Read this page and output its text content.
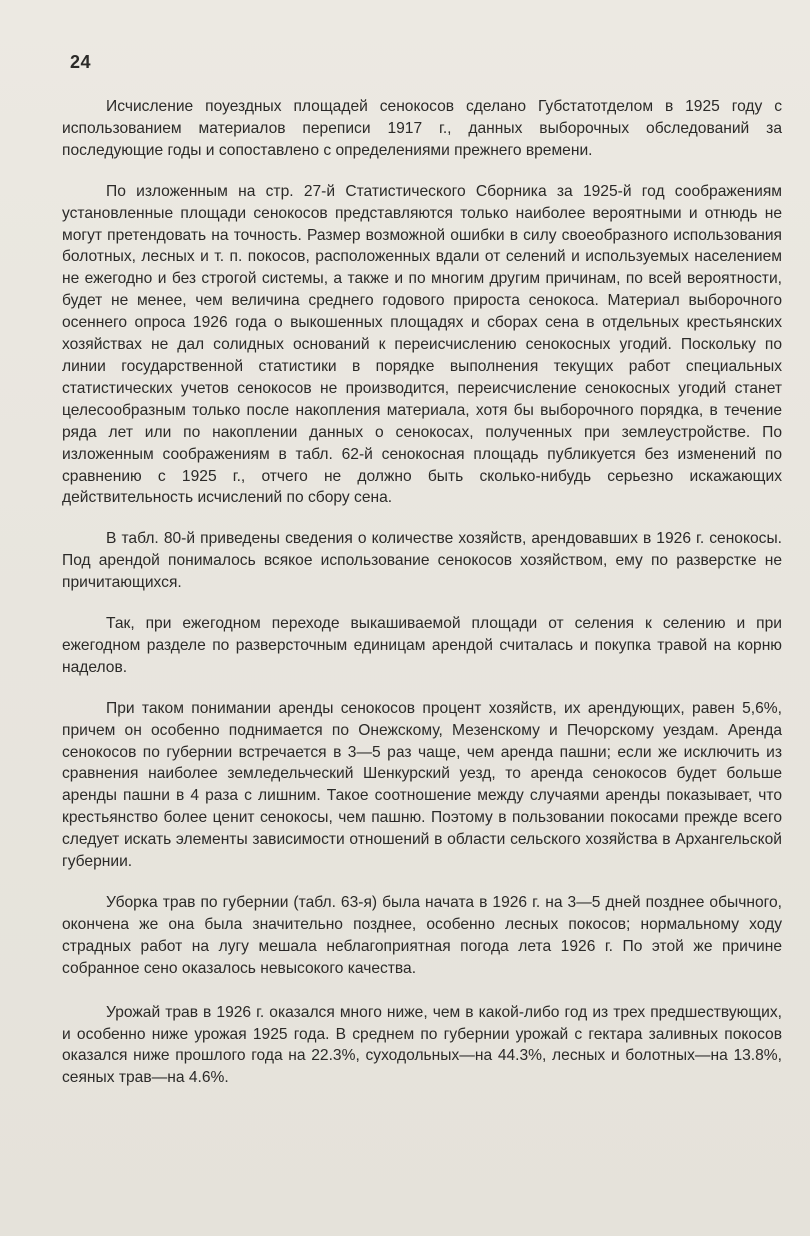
24

Исчисление поуездных площадей сенокосов сделано Губстатотделом в 1925 году с использованием материалов переписи 1917 г., данных выборочных обследований за последующие годы и сопоставлено с определениями прежнего времени.

По изложенным на стр. 27-й Статистического Сборника за 1925-й год соображениям установленные площади сенокосов представляются только наиболее вероятными и отнюдь не могут претендовать на точность. Размер возможной ошибки в силу своеобразного использования болотных, лесных и т. п. покосов, расположенных вдали от селений и используемых населением не ежегодно и без строгой системы, а также и по многим другим причинам, по всей вероятности, будет не менее, чем величина среднего годового прироста сенокоса. Материал выборочного осеннего опроса 1926 года о выкошенных площадях и сборах сена в отдельных крестьянских хозяйствах не дал солидных оснований к переисчислению сенокосных угодий. Поскольку по линии государственной статистики в порядке выполнения текущих работ специальных статистических учетов сенокосов не производится, переисчисление сенокосных угодий станет целесообразным только после накопления материала, хотя бы выборочного порядка, в течение ряда лет или по накоплении данных о сенокосах, полученных при землеустройстве. По изложенным соображениям в табл. 62-й сенокосная площадь публикуется без изменений по сравнению с 1925 г., отчего не должно быть сколько-нибудь серьезно искажающих действительность исчислений по сбору сена.

В табл. 80-й приведены сведения о количестве хозяйств, арендовавших в 1926 г. сенокосы. Под арендой понималось всякое использование сенокосов хозяйством, ему по разверстке не причитающихся.

Так, при ежегодном переходе выкашиваемой площади от селения к селению и при ежегодном разделе по разверсточным единицам арендой считалась и покупка травой на корню наделов.

При таком понимании аренды сенокосов процент хозяйств, их арендующих, равен 5,6%, причем он особенно поднимается по Онежскому, Мезенскому и Печорскому уездам. Аренда сенокосов по губернии встречается в 3—5 раз чаще, чем аренда пашни; если же исключить из сравнения наиболее земледельческий Шенкурский уезд, то аренда сенокосов будет больше аренды пашни в 4 раза с лишним. Такое соотношение между случаями аренды показывает, что крестьянство более ценит сенокосы, чем пашню. Поэтому в пользовании покосами прежде всего следует искать элементы зависимости отношений в области сельского хозяйства в Архангельской губернии.

Уборка трав по губернии (табл. 63-я) была начата в 1926 г. на 3—5 дней позднее обычного, окончена же она была значительно позднее, особенно лесных покосов; нормальному ходу страдных работ на лугу мешала неблагоприятная погода лета 1926 г. По этой же причине собранное сено оказалось невысокого качества.

Урожай трав в 1926 г. оказался много ниже, чем в какой-либо год из трех предшествующих, и особенно ниже урожая 1925 года. В среднем по губернии урожай с гектара заливных покосов оказался ниже прошлого года на 22.3%, суходольных—на 44.3%, лесных и болотных—на 13.8%, сеяных трав—на 4.6%.
